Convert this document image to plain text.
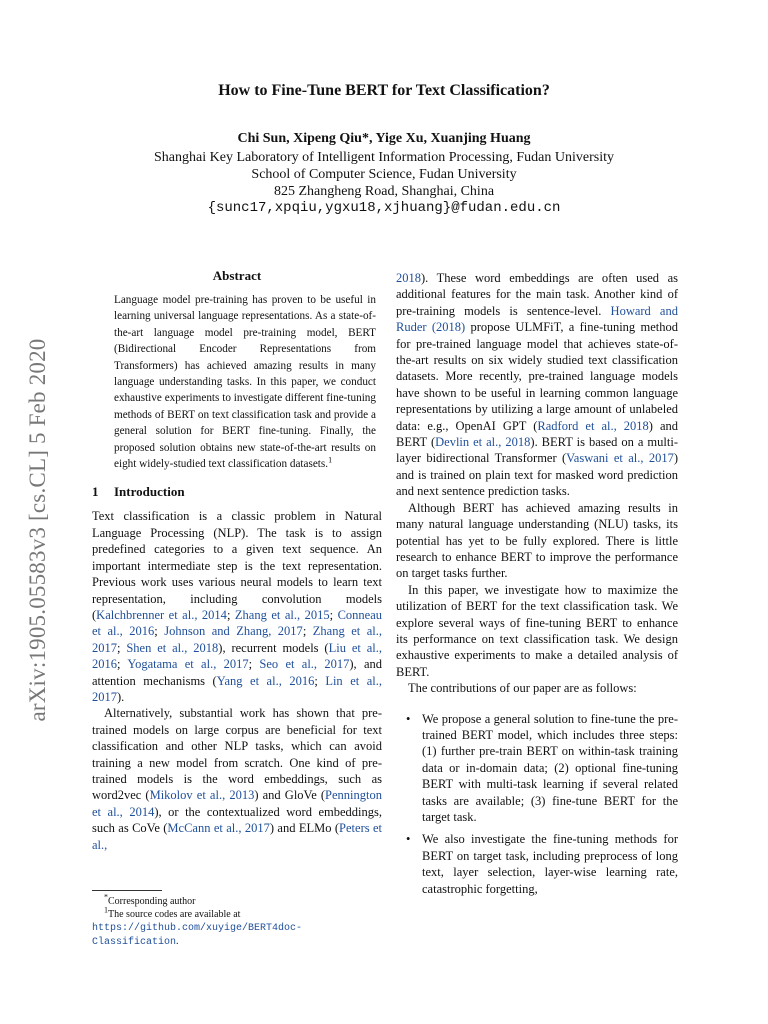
arXiv:1905.05583v3 [cs.CL] 5 Feb 2020
How to Fine-Tune BERT for Text Classification?
Chi Sun, Xipeng Qiu*, Yige Xu, Xuanjing Huang
Shanghai Key Laboratory of Intelligent Information Processing, Fudan University
School of Computer Science, Fudan University
825 Zhangheng Road, Shanghai, China
{sunc17,xpqiu,ygxu18,xjhuang}@fudan.edu.cn
Abstract
Language model pre-training has proven to be useful in learning universal language representations. As a state-of-the-art language model pre-training model, BERT (Bidirectional Encoder Representations from Transformers) has achieved amazing results in many language understanding tasks. In this paper, we conduct exhaustive experiments to investigate different fine-tuning methods of BERT on text classification task and provide a general solution for BERT fine-tuning. Finally, the proposed solution obtains new state-of-the-art results on eight widely-studied text classification datasets.$^1$
1 Introduction

Text classification is a classic problem in Natural Language Processing (NLP). The task is to assign predefined categories to a given text sequence. An important intermediate step is the text representation. Previous work uses various neural models to learn text representation, including convolution models (Kalchbrenner et al., 2014; Zhang et al., 2015; Conneau et al., 2016; Johnson and Zhang, 2017; Zhang et al., 2017; Shen et al., 2018), recurrent models (Liu et al., 2016; Yogatama et al., 2017; Seo et al., 2017), and attention mechanisms (Yang et al., 2016; Lin et al., 2017).

Alternatively, substantial work has shown that pre-trained models on large corpus are beneficial for text classification and other NLP tasks, which can avoid training a new model from scratch. One kind of pre-trained models is the word embeddings, such as word2vec (Mikolov et al., 2013) and GloVe (Pennington et al., 2014), or the contextualized word embeddings, such as CoVe (McCann et al., 2017) and ELMo (Peters et al.,

*Corresponding author
$^1$The source codes are available at https://github.com/xuyige/BERT4doc-Classification.

2018). These word embeddings are often used as additional features for the main task. Another kind of pre-training models is sentence-level. Howard and Ruder (2018) propose ULMFiT, a fine-tuning method for pre-trained language model that achieves state-of-the-art results on six widely studied text classification datasets. More recently, pre-trained language models have shown to be useful in learning common language representations by utilizing a large amount of unlabeled data: e.g., OpenAI GPT (Radford et al., 2018) and BERT (Devlin et al., 2018). BERT is based on a multi-layer bidirectional Transformer (Vaswani et al., 2017) and is trained on plain text for masked word prediction and next sentence prediction tasks.

Although BERT has achieved amazing results in many natural language understanding (NLU) tasks, its potential has yet to be fully explored. There is little research to enhance BERT to improve the performance on target tasks further.

In this paper, we investigate how to maximize the utilization of BERT for the text classification task. We explore several ways of fine-tuning BERT to enhance its performance on text classification task. We design exhaustive experiments to make a detailed analysis of BERT.

The contributions of our paper are as follows:

• We propose a general solution to fine-tune the pre-trained BERT model, which includes three steps: (1) further pre-train BERT on within-task training data or in-domain data; (2) optional fine-tuning BERT with multi-task learning if several related tasks are available; (3) fine-tune BERT for the target task.
• We also investigate the fine-tuning methods for BERT on target task, including preprocess of long text, layer selection, layer-wise learning rate, catastrophic forgetting,
